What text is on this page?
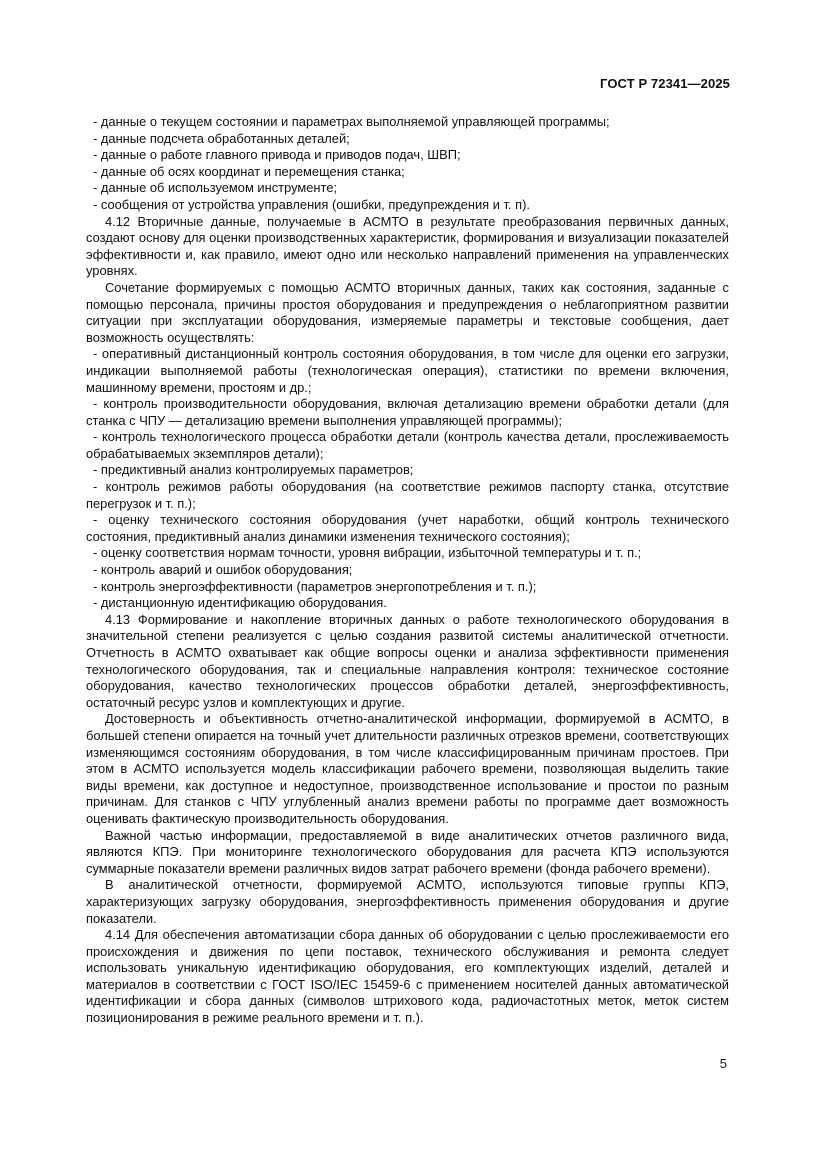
ГОСТ Р 72341—2025

- данные о текущем состоянии и параметрах выполняемой управляющей программы;

- данные подсчета обработанных деталей;

- данные о работе главного привода и приводов подач, ШВП;

- данные об осях координат и перемещения станка;

- данные об используемом инструменте;

- сообщения от устройства управления (ошибки, предупреждения и т. п).

4.12 Вторичные данные, получаемые в АСМТО в результате преобразования первичных данных, создают основу для оценки производственных характеристик, формирования и визуализации показателей эффективности и, как правило, имеют одно или несколько направлений применения на управленческих уровнях.

Сочетание формируемых с помощью АСМТО вторичных данных, таких как состояния, заданные с помощью персонала, причины простоя оборудования и предупреждения о неблагоприятном развитии ситуации при эксплуатации оборудования, измеряемые параметры и текстовые сообщения, дает возможность осуществлять:

- оперативный дистанционный контроль состояния оборудования, в том числе для оценки его загрузки, индикации выполняемой работы (технологическая операция), статистики по времени включения, машинному времени, простоям и др.;

- контроль производительности оборудования, включая детализацию времени обработки детали (для станка с ЧПУ — детализацию времени выполнения управляющей программы);

- контроль технологического процесса обработки детали (контроль качества детали, прослеживаемость обрабатываемых экземпляров детали);

- предиктивный анализ контролируемых параметров;

- контроль режимов работы оборудования (на соответствие режимов паспорту станка, отсутствие перегрузок и т. п.);

- оценку технического состояния оборудования (учет наработки, общий контроль технического состояния, предиктивный анализ динамики изменения технического состояния);

- оценку соответствия нормам точности, уровня вибрации, избыточной температуры и т. п.;

- контроль аварий и ошибок оборудования;

- контроль энергоэффективности (параметров энергопотребления и т. п.);

- дистанционную идентификацию оборудования.

4.13 Формирование и накопление вторичных данных о работе технологического оборудования в значительной степени реализуется с целью создания развитой системы аналитической отчетности. Отчетность в АСМТО охватывает как общие вопросы оценки и анализа эффективности применения технологического оборудования, так и специальные направления контроля: техническое состояние оборудования, качество технологических процессов обработки деталей, энергоэффективность, остаточный ресурс узлов и комплектующих и другие.

Достоверность и объективность отчетно-аналитической информации, формируемой в АСМТО, в большей степени опирается на точный учет длительности различных отрезков времени, соответствующих изменяющимся состояниям оборудования, в том числе классифицированным причинам простоев. При этом в АСМТО используется модель классификации рабочего времени, позволяющая выделить такие виды времени, как доступное и недоступное, производственное использование и простои по разным причинам. Для станков с ЧПУ углубленный анализ времени работы по программе дает возможность оценивать фактическую производительность оборудования.

Важной частью информации, предоставляемой в виде аналитических отчетов различного вида, являются КПЭ. При мониторинге технологического оборудования для расчета КПЭ используются суммарные показатели времени различных видов затрат рабочего времени (фонда рабочего времени).

В аналитической отчетности, формируемой АСМТО, используются типовые группы КПЭ, характеризующих загрузку оборудования, энергоэффективность применения оборудования и другие показатели.

4.14 Для обеспечения автоматизации сбора данных об оборудовании с целью прослеживаемости его происхождения и движения по цепи поставок, технического обслуживания и ремонта следует использовать уникальную идентификацию оборудования, его комплектующих изделий, деталей и материалов в соответствии с ГОСТ ISO/IEC 15459-6 с применением носителей данных автоматической идентификации и сбора данных (символов штрихового кода, радиочастотных меток, меток систем позиционирования в режиме реального времени и т. п.).

5
